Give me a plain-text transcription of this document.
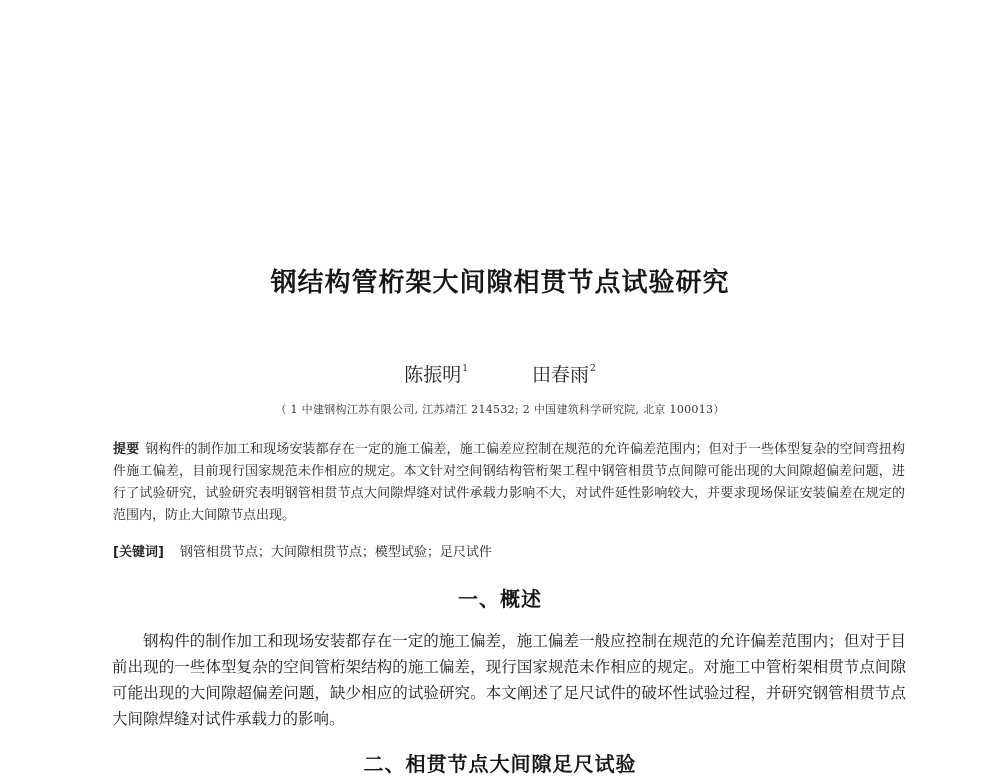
钢结构管桁架大间隙相贯节点试验研究
陈振明$^1$	田春雨$^2$
（ 1 中建钢构江苏有限公司, 江苏靖江 214532; 2 中国建筑科学研究院, 北京 100013）
提要 钢构件的制作加工和现场安装都存在一定的施工偏差，施工偏差应控制在规范的允许偏差范围内；但对于一些体型复杂的空间弯扭构件施工偏差，目前现行国家规范未作相应的规定。本文针对空间钢结构管桁架工程中钢管相贯节点间隙可能出现的大间隙超偏差问题，进行了试验研究，试验研究表明钢管相贯节点大间隙焊缝对试件承载力影响不大，对试件延性影响较大，并要求现场保证安装偏差在规定的范围内，防止大间隙节点出现。
[关键词] 钢管相贯节点；大间隙相贯节点；模型试验；足尺试件
一、概述
钢构件的制作加工和现场安装都存在一定的施工偏差，施工偏差一般应控制在规范的允许偏差范围内；但对于目前出现的一些体型复杂的空间管桁架结构的施工偏差，现行国家规范未作相应的规定。对施工中管桁架相贯节点间隙可能出现的大间隙超偏差问题，缺少相应的试验研究。本文阐述了足尺试件的破坏性试验过程，并研究钢管相贯节点大间隙焊缝对试件承载力的影响。
二、相贯节点大间隙足尺试验
